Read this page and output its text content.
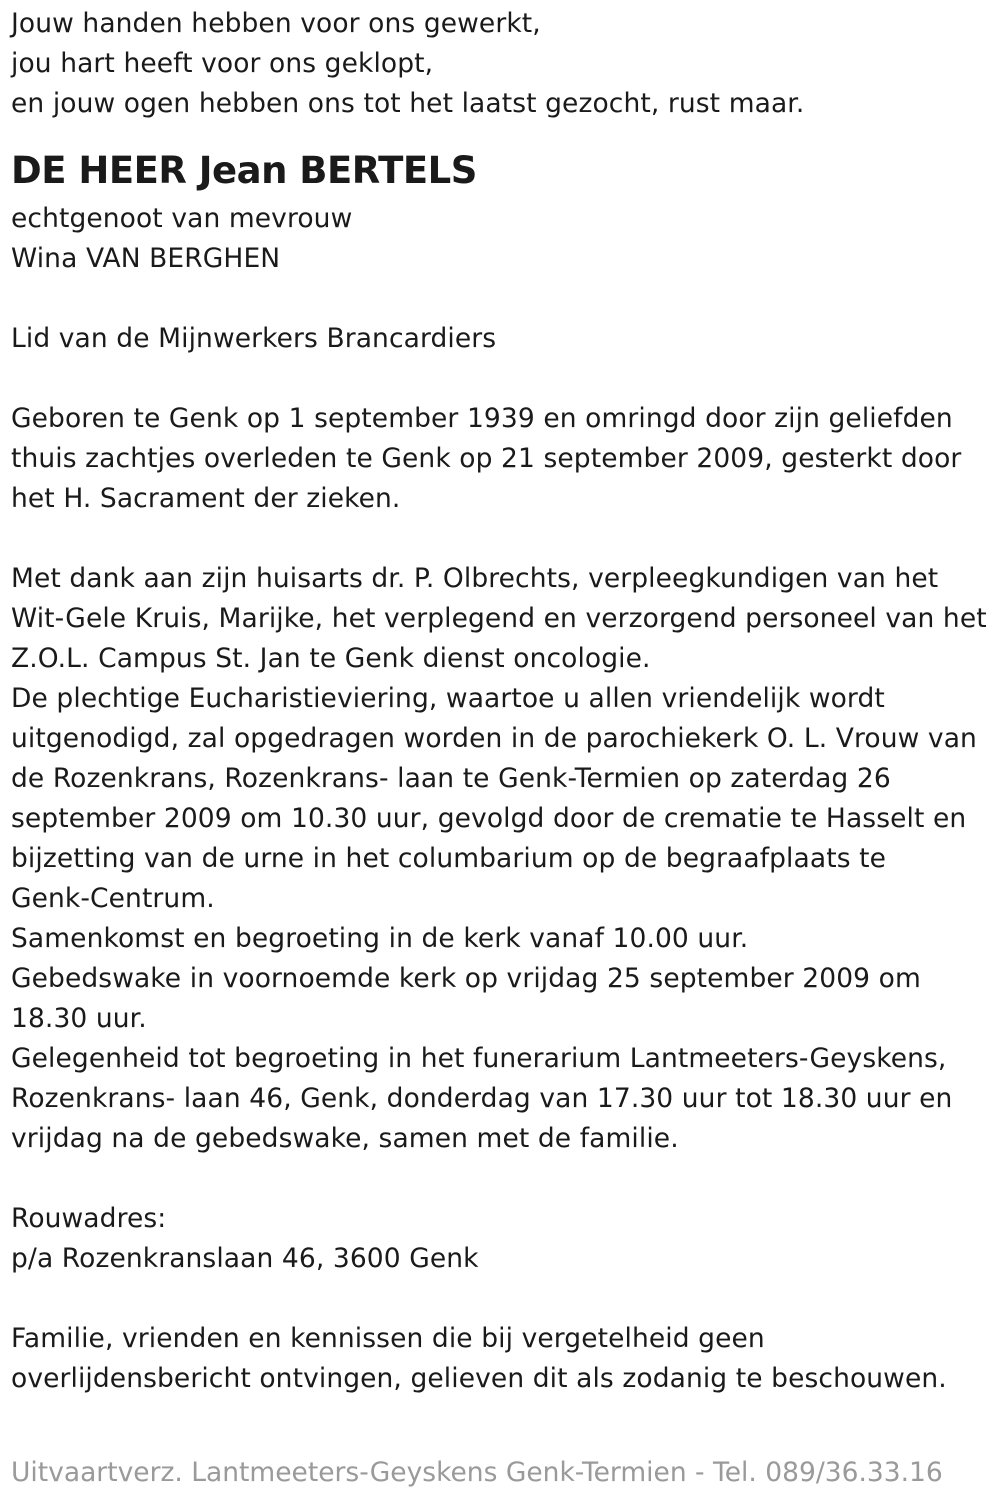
Jouw handen hebben voor ons gewerkt,
jou hart heeft voor ons geklopt,
en jouw ogen hebben ons tot het laatst gezocht, rust maar.
DE HEER Jean BERTELS
echtgenoot van mevrouw
Wina VAN BERGHEN
Lid van de Mijnwerkers Brancardiers
Geboren te Genk op 1 september 1939 en omringd door zijn geliefden
thuis zachtjes overleden te Genk op 21 september 2009, gesterkt door
het H. Sacrament der zieken.
Met dank aan zijn huisarts dr. P. Olbrechts, verpleegkundigen van het
Wit-Gele Kruis, Marijke, het verplegend en verzorgend personeel van het
Z.O.L. Campus St. Jan te Genk dienst oncologie.
De plechtige Eucharistieviering, waartoe u allen vriendelijk wordt
uitgenodigd, zal opgedragen worden in de parochiekerk O. L. Vrouw van
de Rozenkrans, Rozenkrans- laan te Genk-Termien op zaterdag 26
september 2009 om 10.30 uur, gevolgd door de crematie te Hasselt en
bijzetting van de urne in het columbarium op de begraafplaats te
Genk-Centrum.
Samenkomst en begroeting in de kerk vanaf 10.00 uur.
Gebedswake in voornoemde kerk op vrijdag 25 september 2009 om
18.30 uur.
Gelegenheid tot begroeting in het funerarium Lantmeeters-Geyskens,
Rozenkrans- laan 46, Genk, donderdag van 17.30 uur tot 18.30 uur en
vrijdag na de gebedswake, samen met de familie.
Rouwadres:
p/a Rozenkranslaan 46, 3600 Genk
Familie, vrienden en kennissen die bij vergetelheid geen
overlijdensbericht ontvingen, gelieven dit als zodanig te beschouwen.
Uitvaartverz. Lantmeeters-Geyskens Genk-Termien - Tel. 089/36.33.16
